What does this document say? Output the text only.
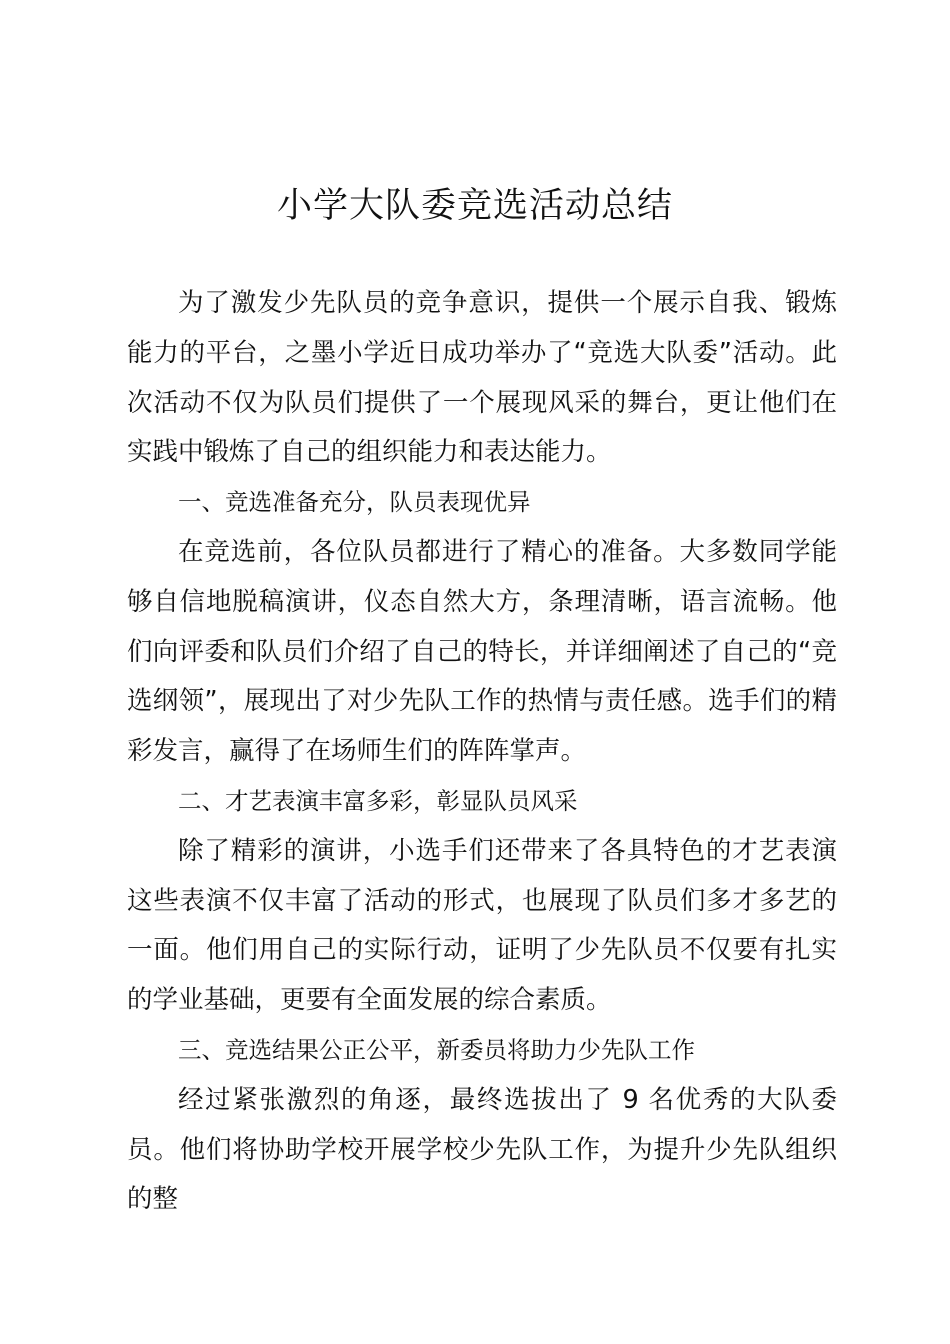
小学大队委竞选活动总结

为了激发少先队员的竞争意识，提供一个展示自我、锻炼能力的平台，之墨小学近日成功举办了“竞选大队委”活动。此次活动不仅为队员们提供了一个展现风采的舞台，更让他们在实践中锻炼了自己的组织能力和表达能力。

一、竞选准备充分，队员表现优异

在竞选前，各位队员都进行了精心的准备。大多数同学能够自信地脱稿演讲，仪态自然大方，条理清晰，语言流畅。他们向评委和队员们介绍了自己的特长，并详细阐述了自己的“竞选纲领”，展现出了对少先队工作的热情与责任感。选手们的精彩发言，赢得了在场师生们的阵阵掌声。

二、才艺表演丰富多彩，彰显队员风采

除了精彩的演讲，小选手们还带来了各具特色的才艺表演这些表演不仅丰富了活动的形式，也展现了队员们多才多艺的一面。他们用自己的实际行动，证明了少先队员不仅要有扎实的学业基础，更要有全面发展的综合素质。

三、竞选结果公正公平，新委员将助力少先队工作

经过紧张激烈的角逐，最终选拔出了 9 名优秀的大队委员。他们将协助学校开展学校少先队工作，为提升少先队组织的整
